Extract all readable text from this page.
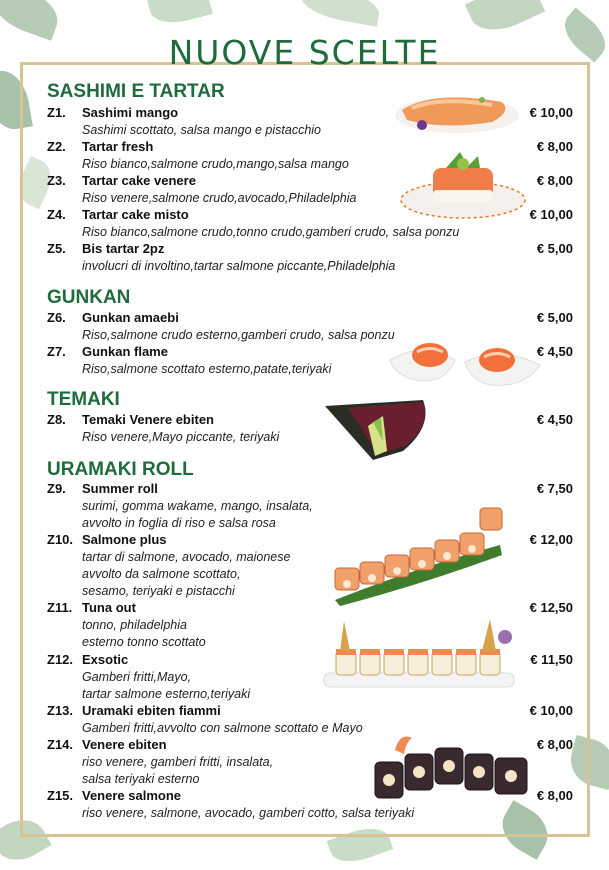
NUOVE SCELTE
SASHIMI E TARTAR
GUNKAN
TEMAKI
URAMAKI ROLL
Z1. Sashimi mango	€ 10,00
Sashimi scottato, salsa mango e pistacchio
Z2. Tartar fresh	€ 8,00
Riso bianco,salmone crudo,mango,salsa mango
Z3. Tartar cake venere	€ 8,00
Riso venere,salmone crudo,avocado,Philadelphia
Z4. Tartar cake misto	€ 10,00
Riso bianco,salmone crudo,tonno crudo,gamberi crudo, salsa ponzu
Z5. Bis tartar 2pz	€ 5,00
involucri di involtino,tartar salmone piccante,Philadelphia
Z6. Gunkan amaebi	€ 5,00
Riso,salmone crudo esterno,gamberi crudo, salsa ponzu
Z7. Gunkan flame	€ 4,50
Riso,salmone scottato esterno,patate,teriyaki
Z8. Temaki Venere ebiten	€ 4,50
Riso venere,Mayo piccante, teriyaki
Z9. Summer roll	€ 7,50
surimi, gomma wakame, mango, insalata,
avvolto in foglia di riso e salsa rosa
Z10. Salmone plus	€ 12,00
tartar di salmone, avocado, maionese
avvolto da salmone scottato,
sesamo, teriyaki e pistacchi
Z11. Tuna out	€ 12,50
tonno, philadelphia
esterno tonno scottato
Z12. Exsotic	€ 11,50
Gamberi fritti,Mayo,
tartar salmone esterno,teriyaki
Z13. Uramaki ebiten fiammi	€ 10,00
Gamberi fritti,avvolto con salmone scottato e Mayo
Z14. Venere ebiten	€ 8,00
riso venere, gamberi fritti, insalata,
salsa teriyaki esterno
Z15. Venere salmone	€ 8,00
riso venere, salmone, avocado, gamberi cotto, salsa teriyaki
